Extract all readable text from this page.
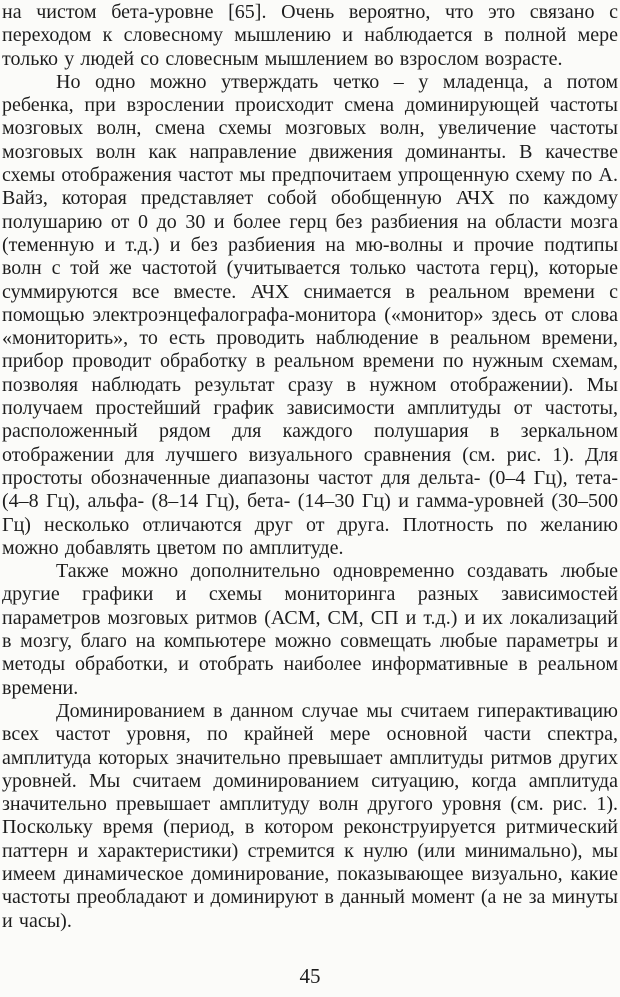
на чистом бета-уровне [65]. Очень вероятно, что это связано с переходом к словесному мышлению и наблюдается в полной мере только у людей со словесным мышлением во взрослом возрасте.

Но одно можно утверждать четко – у младенца, а потом ребенка, при взрослении происходит смена доминирующей частоты мозговых волн, смена схемы мозговых волн, увеличение частоты мозговых волн как направление движения доминанты. В качестве схемы отображения частот мы предпочитаем упрощенную схему по А. Вайз, которая представляет собой обобщенную АЧХ по каждому полушарию от 0 до 30 и более герц без разбиения на области мозга (теменную и т.д.) и без разбиения на мю-волны и прочие подтипы волн с той же частотой (учитывается только частота герц), которые суммируются все вместе. АЧХ снимается в реальном времени с помощью электроэнцефалографа-монитора («монитор» здесь от слова «мониторить», то есть проводить наблюдение в реальном времени, прибор проводит обработку в реальном времени по нужным схемам, позволяя наблюдать результат сразу в нужном отображении). Мы получаем простейший график зависимости амплитуды от частоты, расположенный рядом для каждого полушария в зеркальном отображении для лучшего визуального сравнения (см. рис. 1). Для простоты обозначенные диапазоны частот для дельта- (0–4 Гц), тета- (4–8 Гц), альфа- (8–14 Гц), бета- (14–30 Гц) и гамма-уровней (30–500 Гц) несколько отличаются друг от друга. Плотность по желанию можно добавлять цветом по амплитуде.

Также можно дополнительно одновременно создавать любые другие графики и схемы мониторинга разных зависимостей параметров мозговых ритмов (АСМ, СМ, СП и т.д.) и их локализаций в мозгу, благо на компьютере можно совмещать любые параметры и методы обработки, и отобрать наиболее информативные в реальном времени.

Доминированием в данном случае мы считаем гиперактивацию всех частот уровня, по крайней мере основной части спектра, амплитуда которых значительно превышает амплитуды ритмов других уровней. Мы считаем доминированием ситуацию, когда амплитуда значительно превышает амплитуду волн другого уровня (см. рис. 1). Поскольку время (период, в котором реконструируется ритмический паттерн и характеристики) стремится к нулю (или минимально), мы имеем динамическое доминирование, показывающее визуально, какие частоты преобладают и доминируют в данный момент (а не за минуты и часы).

45
